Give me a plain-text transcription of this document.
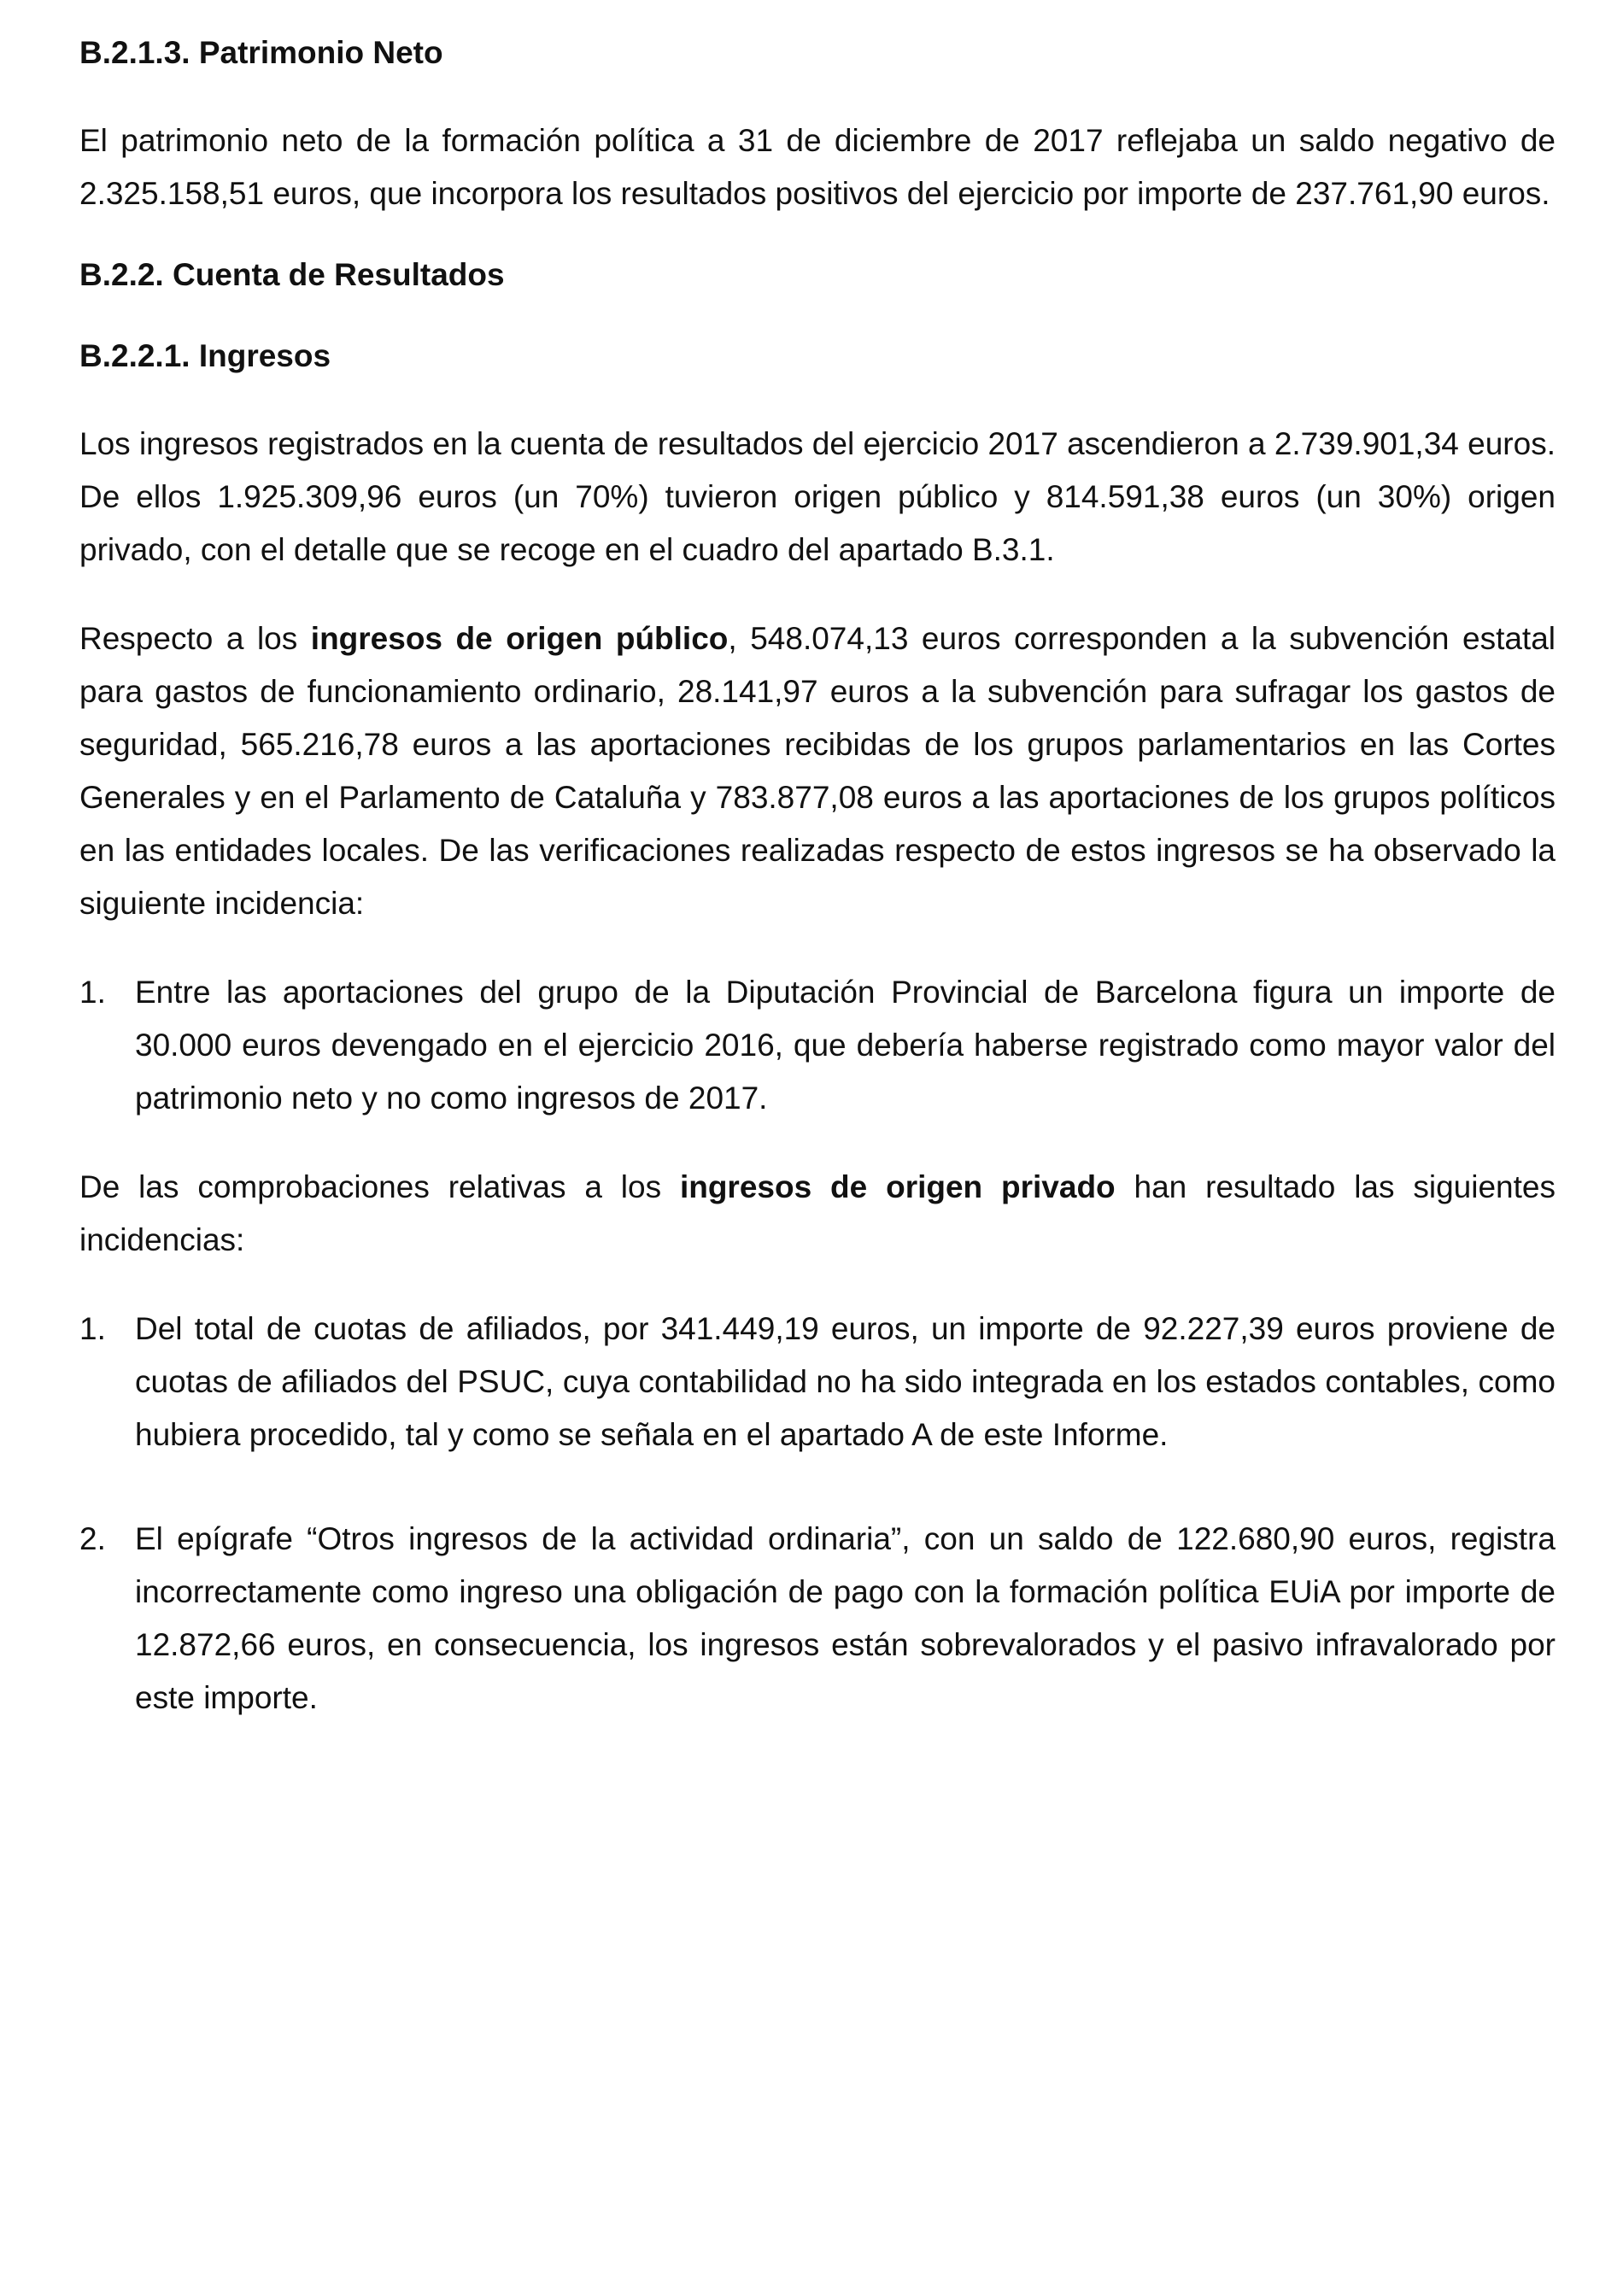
B.2.1.3. Patrimonio Neto

El patrimonio neto de la formación política a 31 de diciembre de 2017 reflejaba un saldo negativo de 2.325.158,51 euros, que incorpora los resultados positivos del ejercicio por importe de 237.761,90 euros.

B.2.2. Cuenta de Resultados
B.2.2.1. Ingresos

Los ingresos registrados en la cuenta de resultados del ejercicio 2017 ascendieron a 2.739.901,34 euros. De ellos 1.925.309,96 euros (un 70%) tuvieron origen público y 814.591,38 euros (un 30%) origen privado, con el detalle que se recoge en el cuadro del apartado B.3.1.

Respecto a los ingresos de origen público, 548.074,13 euros corresponden a la subvención estatal para gastos de funcionamiento ordinario, 28.141,97 euros a la subvención para sufragar los gastos de seguridad, 565.216,78 euros a las aportaciones recibidas de los grupos parlamentarios en las Cortes Generales y en el Parlamento de Cataluña y 783.877,08 euros a las aportaciones de los grupos políticos en las entidades locales. De las verificaciones realizadas respecto de estos ingresos se ha observado la siguiente incidencia:

1. Entre las aportaciones del grupo de la Diputación Provincial de Barcelona figura un importe de 30.000 euros devengado en el ejercicio 2016, que debería haberse registrado como mayor valor del patrimonio neto y no como ingresos de 2017.

De las comprobaciones relativas a los ingresos de origen privado han resultado las siguientes incidencias:

1. Del total de cuotas de afiliados, por 341.449,19 euros, un importe de 92.227,39 euros proviene de cuotas de afiliados del PSUC, cuya contabilidad no ha sido integrada en los estados contables, como hubiera procedido, tal y como se señala en el apartado A de este Informe.
2. El epígrafe “Otros ingresos de la actividad ordinaria”, con un saldo de 122.680,90 euros, registra incorrectamente como ingreso una obligación de pago con la formación política EUiA por importe de 12.872,66 euros, en consecuencia, los ingresos están sobrevalorados y el pasivo infravalorado por este importe.
